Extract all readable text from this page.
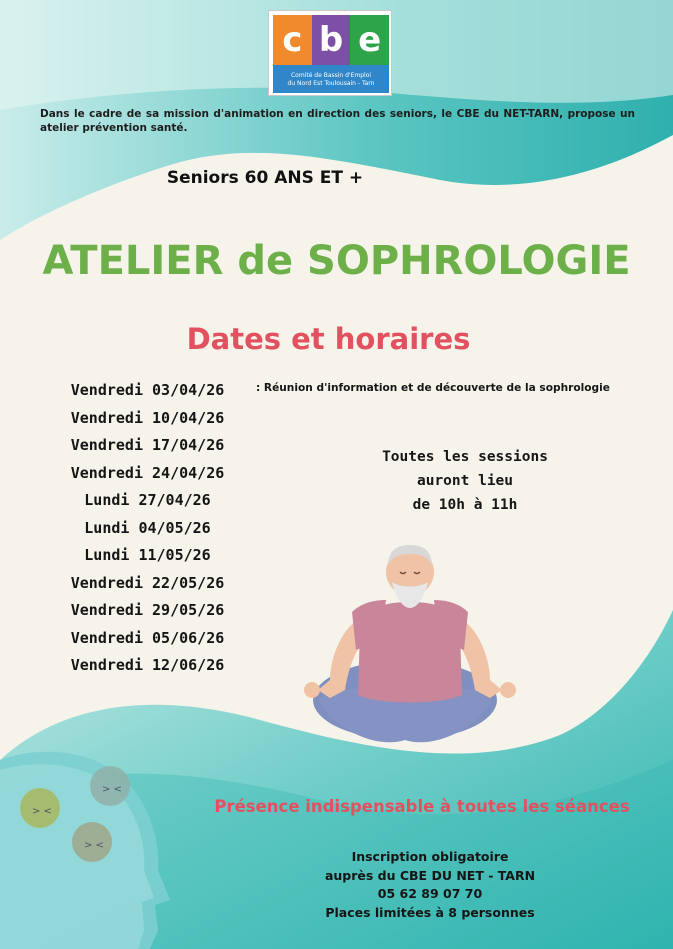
c b e
Comité de Bassin d'Emploi
du Nord Est Toulousain - Tarn
Dans le cadre de sa mission d'animation en direction des seniors, le CBE du NET-TARN, propose un atelier prévention santé.
Seniors 60 ANS ET +
ATELIER de SOPHROLOGIE
Dates et horaires
Vendredi 03/04/26
Vendredi 10/04/26
Vendredi 17/04/26
Vendredi 24/04/26
Lundi 27/04/26
Lundi 04/05/26
Lundi 11/05/26
Vendredi 22/05/26
Vendredi 29/05/26
Vendredi 05/06/26
Vendredi 12/06/26
: Réunion d'information et de découverte de la sophrologie
Toutes les sessions
auront lieu
de 10h à 11h
> <
> <
> <
Présence indispensable à toutes les séances
Inscription obligatoire
auprès du CBE DU NET - TARN
05 62 89 07 70
Places limitées à 8 personnes
